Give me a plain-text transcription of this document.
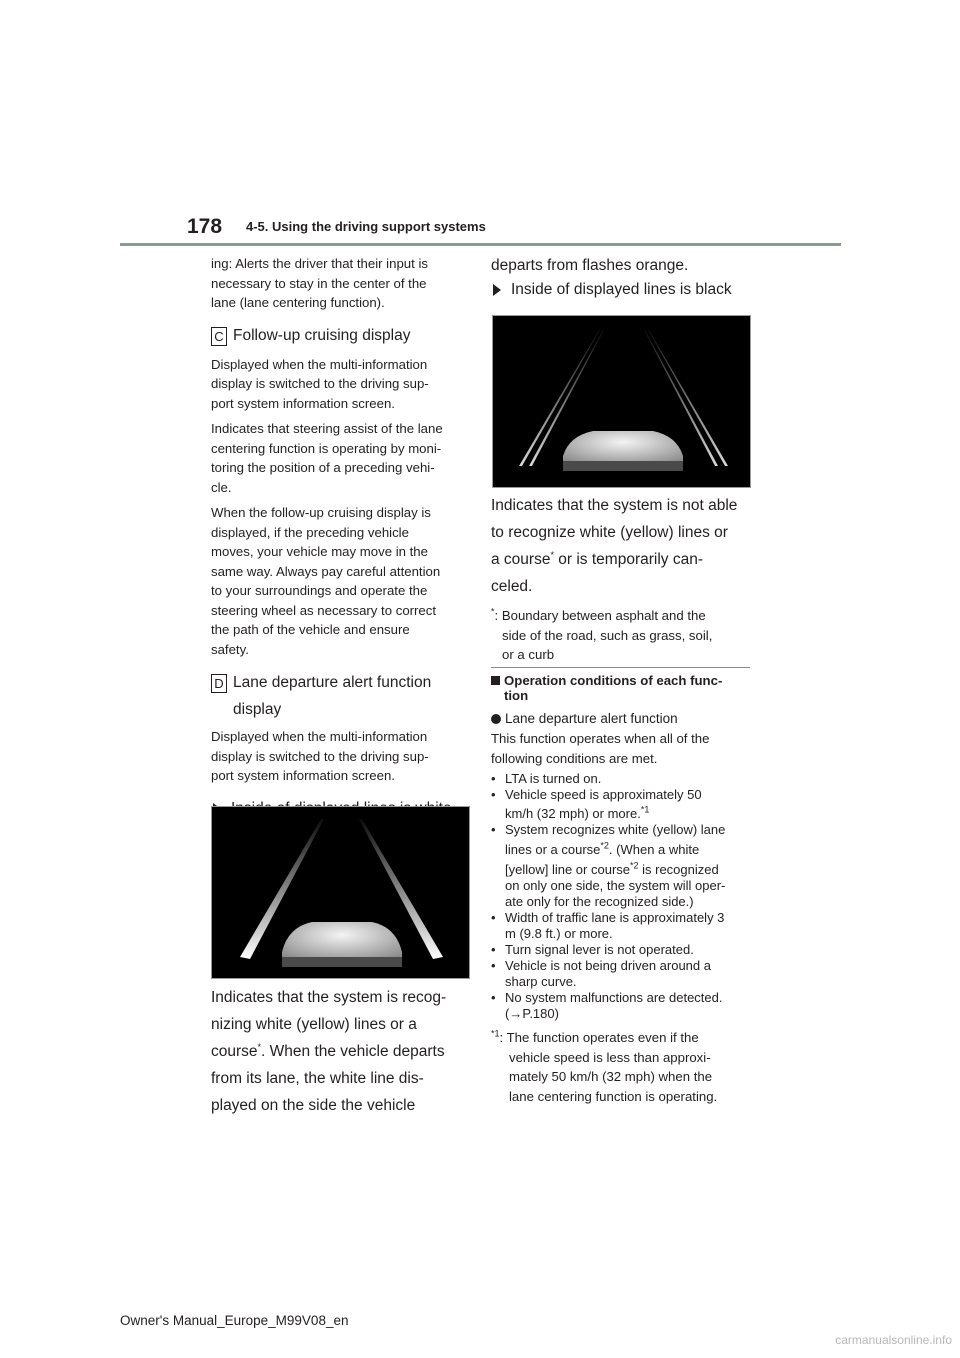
178 4-5. Using the driving support systems

ing: Alerts the driver that their input is

necessary to stay in the center of the

lane (lane centering function).

C Follow-up cruising display

Displayed when the multi-information

display is switched to the driving sup-

port system information screen.

Indicates that steering assist of the lane

centering function is operating by moni-

toring the position of a preceding vehi-

cle.

When the follow-up cruising display is

displayed, if the preceding vehicle

moves, your vehicle may move in the

same way. Always pay careful attention

to your surroundings and operate the

steering wheel as necessary to correct

the path of the vehicle and ensure

safety.

D Lane departure alert function
display

Displayed when the multi-information

display is switched to the driving sup-

port system information screen.

Indicates that the system is recog-

nizing white (yellow) lines or a

course*. When the vehicle departs

from its lane, the white line dis-

played on the side the vehicle

departs from flashes orange.

Inside of displayed lines is black

Indicates that the system is not able

to recognize white (yellow) lines or

a course* or is temporarily can-

celed.

*: Boundary between asphalt and the

side of the road, such as grass, soil,

or a curb

Operation conditions of each func-
tion
Lane departure alert function

This function operates when all of the

following conditions are met.

• LTA is turned on.
• Vehicle speed is approximately 50
km/h (32 mph) or more.$^{*1}$
• System recognizes white (yellow) lane
lines or a course$^{*2}$. (When a white
[yellow] line or course$^{*2}$ is recognized
on only one side, the system will oper-
ate only for the recognized side.)
• Width of traffic lane is approximately 3
m (9.8 ft.) or more.
• Turn signal lever is not operated.
• Vehicle is not being driven around a
sharp curve.
• No system malfunctions are detected.
(→P.180)

$^{*1}$: The function operates even if the

vehicle speed is less than approxi-

mately 50 km/h (32 mph) when the

lane centering function is operating.

Owner's Manual_Europe_M99V08_en
carmanualsonline.info
